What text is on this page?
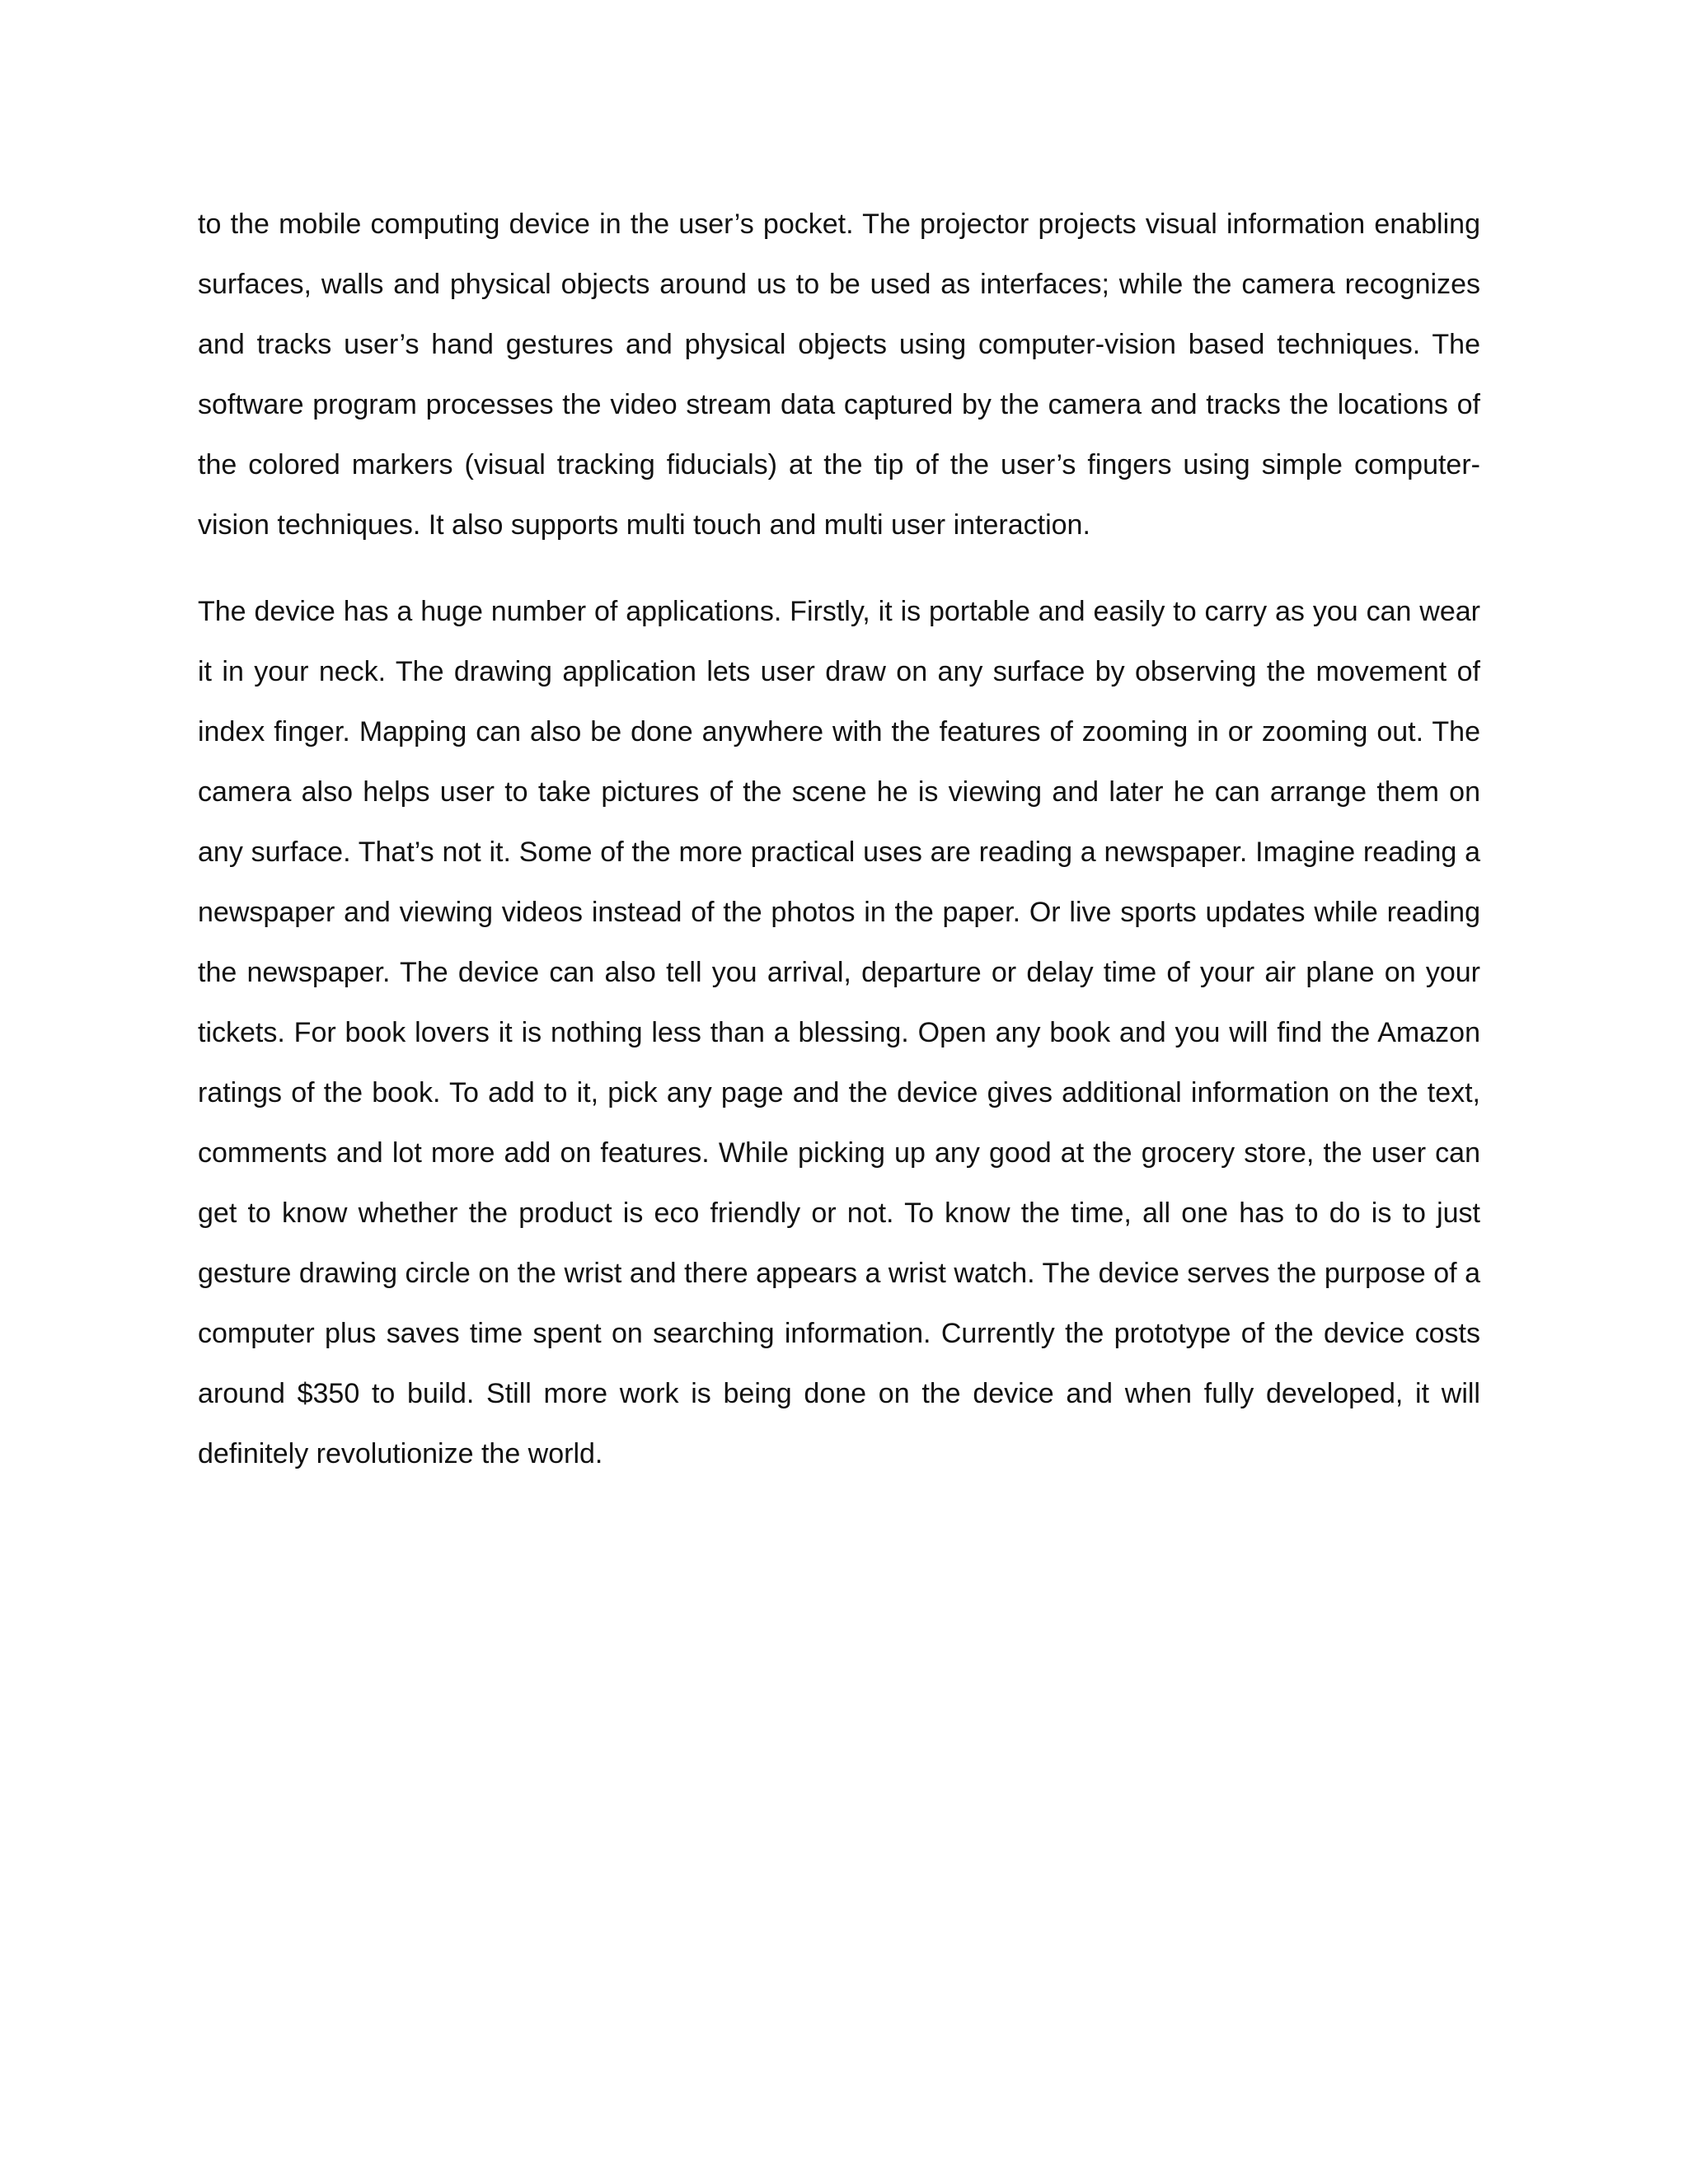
to the mobile computing device in the user’s pocket. The projector projects visual information enabling surfaces, walls and physical objects around us to be used as interfaces; while the camera recognizes and tracks user’s hand gestures and physical objects using computer-vision based techniques. The software program processes the video stream data captured by the camera and tracks the locations of the colored markers (visual tracking fiducials) at the tip of the user’s fingers using simple computer-vision techniques. It also supports multi touch and multi user interaction.

The device has a huge number of applications. Firstly, it is portable and easily to carry as you can wear it in your neck. The drawing application lets user draw on any surface by observing the movement of index finger. Mapping can also be done anywhere with the features of zooming in or zooming out. The camera also helps user to take pictures of the scene he is viewing and later he can arrange them on any surface. That’s not it. Some of the more practical uses are reading a newspaper. Imagine reading a newspaper and viewing videos instead of the photos in the paper. Or live sports updates while reading the newspaper. The device can also tell you arrival, departure or delay time of your air plane on your tickets. For book lovers it is nothing less than a blessing. Open any book and you will find the Amazon ratings of the book. To add to it, pick any page and the device gives additional information on the text, comments and lot more add on features. While picking up any good at the grocery store, the user can get to know whether the product is eco friendly or not. To know the time, all one has to do is to just gesture drawing circle on the wrist and there appears a wrist watch. The device serves the purpose of a computer plus saves time spent on searching information. Currently the prototype of the device costs around $350 to build. Still more work is being done on the device and when fully developed, it will definitely revolutionize the world.
